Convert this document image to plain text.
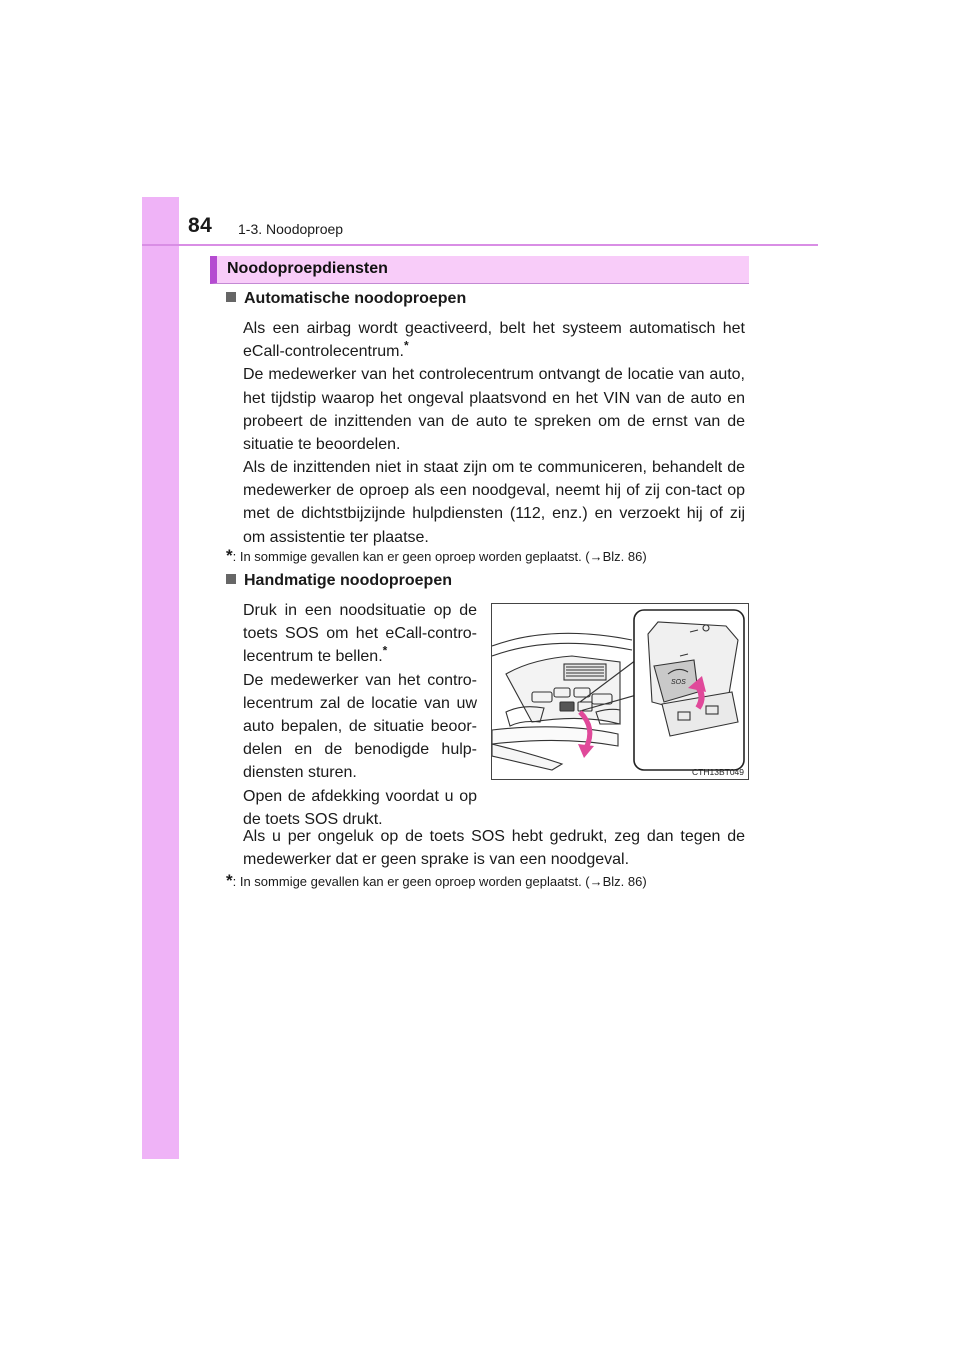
84 1-3. Noodoproep
Noodoproepdiensten
Automatische noodoproepen

Als een airbag wordt geactiveerd, belt het systeem automatisch het

eCall-controlecentrum.*

De medewerker van het controlecentrum ontvangt de locatie van auto, het tijdstip waarop het ongeval plaatsvond en het VIN van de auto en probeert de inzittenden van de auto te spreken om de ernst van de situatie te beoordelen.

Als de inzittenden niet in staat zijn om te communiceren, behandelt de medewerker de oproep als een noodgeval, neemt hij of zij con-tact op met de dichtstbijzijnde hulpdiensten (112, enz.) en verzoekt hij of zij om assistentie ter plaatse.
*: In sommige gevallen kan er geen oproep worden geplaatst. (→Blz. 86)
Handmatige noodoproepen

Druk in een noodsituatie op de toets SOS om het eCall-contro-lecentrum te bellen.*

De medewerker van het contro-lecentrum zal de locatie van uw auto bepalen, de situatie beoor-delen en de benodigde hulp-diensten sturen.

Open de afdekking voordat u op de toets SOS drukt.

SOS
CTH13BT049
Als u per ongeluk op de toets SOS hebt gedrukt, zeg dan tegen de medewerker dat er geen sprake is van een noodgeval.
*: In sommige gevallen kan er geen oproep worden geplaatst. (→Blz. 86)
